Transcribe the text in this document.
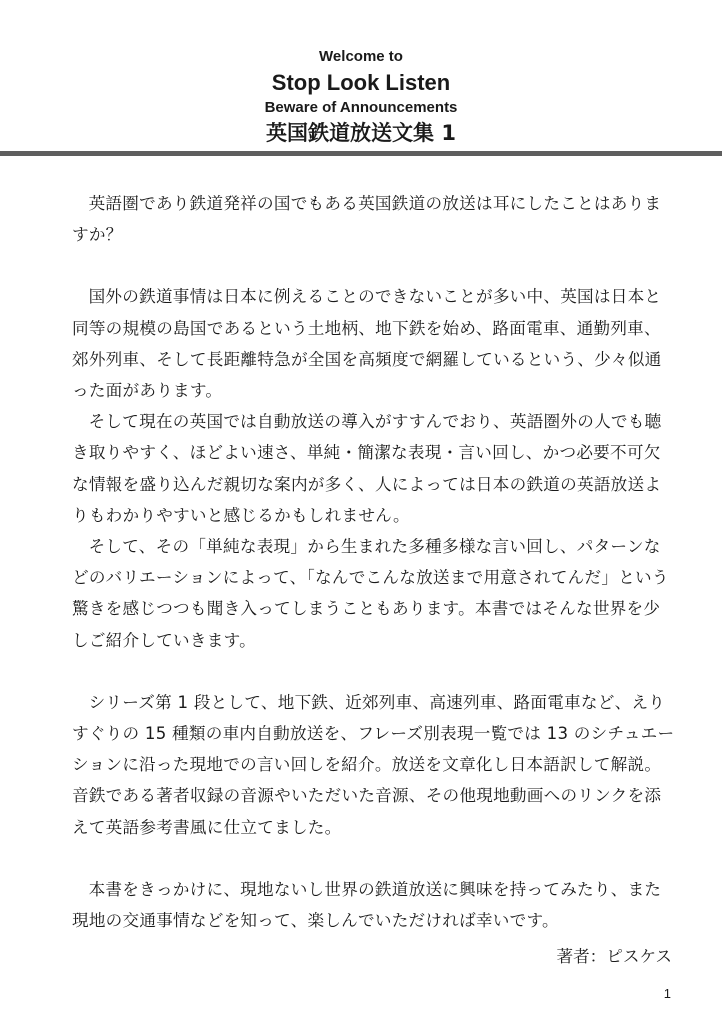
Welcome to
Stop Look Listen
Beware of Announcements
英国鉄道放送文集 1

英語圏であり鉄道発祥の国でもある英国鉄道の放送は耳にしたことはありますか？

国外の鉄道事情は日本に例えることのできないことが多い中、英国は日本と同等の規模の島国であるという土地柄、地下鉄を始め、路面電車、通勤列車、郊外列車、そして長距離特急が全国を高頻度で網羅しているという、少々似通った面があります。

そして現在の英国では自動放送の導入がすすんでおり、英語圏外の人でも聴き取りやすく、ほどよい速さ、単純・簡潔な表現・言い回し、かつ必要不可欠な情報を盛り込んだ親切な案内が多く、人によっては日本の鉄道の英語放送よりもわかりやすいと感じるかもしれません。

そして、その「単純な表現」から生まれた多種多様な言い回し、パターンなどのバリエーションによって、「なんでこんな放送まで用意されてんだ」という驚きを感じつつも聞き入ってしまうこともあります。本書ではそんな世界を少しご紹介していきます。

シリーズ第 1 段として、地下鉄、近郊列車、高速列車、路面電車など、えりすぐりの 15 種類の車内自動放送を、フレーズ別表現一覧では 13 のシチュエーションに沿った現地での言い回しを紹介。放送を文章化し日本語訳して解説。音鉄である著者収録の音源やいただいた音源、その他現地動画へのリンクを添えて英語参考書風に仕立てました。

本書をきっかけに、現地ないし世界の鉄道放送に興味を持ってみたり、また現地の交通事情などを知って、楽しんでいただければ幸いです。

著者：ピスケス
1
